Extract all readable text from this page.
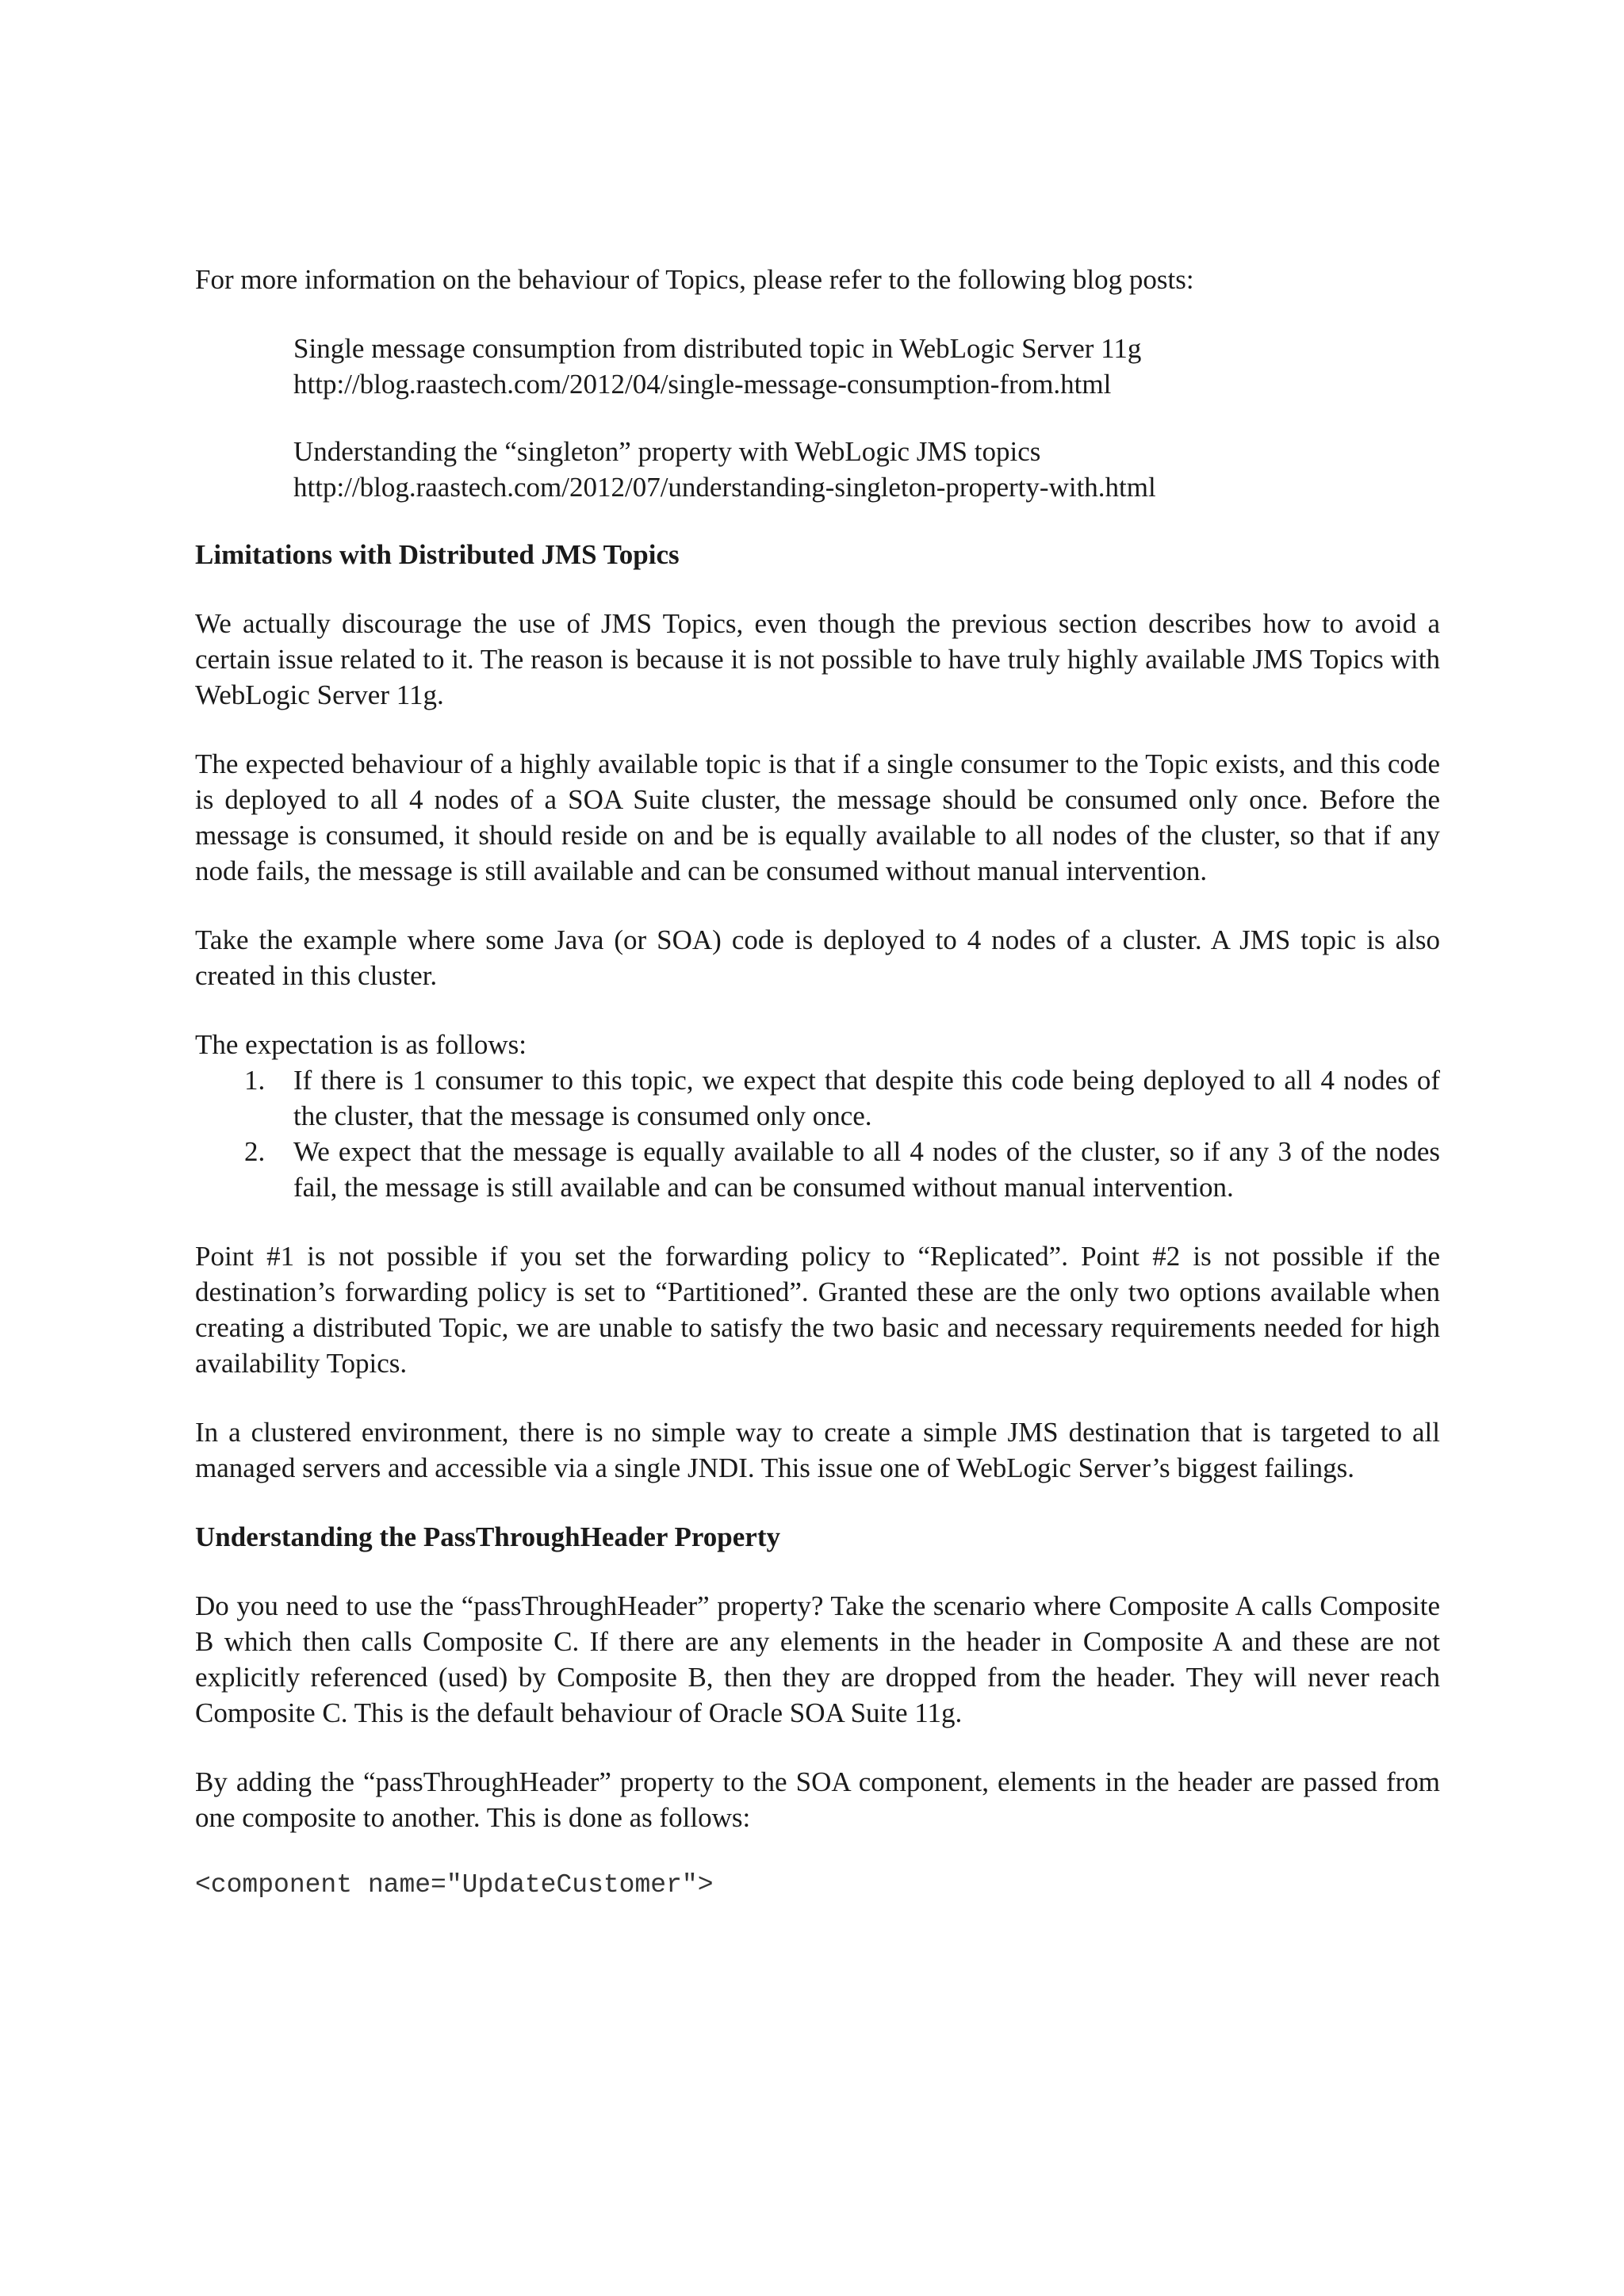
For more information on the behaviour of Topics, please refer to the following blog posts:

Single message consumption from distributed topic in WebLogic Server 11g
http://blog.raastech.com/2012/04/single-message-consumption-from.html
Understanding the “singleton” property with WebLogic JMS topics
http://blog.raastech.com/2012/07/understanding-singleton-property-with.html
Limitations with Distributed JMS Topics

We actually discourage the use of JMS Topics, even though the previous section describes how to avoid a certain issue related to it. The reason is because it is not possible to have truly highly available JMS Topics with WebLogic Server 11g.

The expected behaviour of a highly available topic is that if a single consumer to the Topic exists, and this code is deployed to all 4 nodes of a SOA Suite cluster, the message should be consumed only once. Before the message is consumed, it should reside on and be is equally available to all nodes of the cluster, so that if any node fails, the message is still available and can be consumed without manual intervention.

Take the example where some Java (or SOA) code is deployed to 4 nodes of a cluster. A JMS topic is also created in this cluster.

The expectation is as follows:

1. If there is 1 consumer to this topic, we expect that despite this code being deployed to all 4 nodes of the cluster, that the message is consumed only once.
2. We expect that the message is equally available to all 4 nodes of the cluster, so if any 3 of the nodes fail, the message is still available and can be consumed without manual intervention.

Point #1 is not possible if you set the forwarding policy to “Replicated”. Point #2 is not possible if the destination’s forwarding policy is set to “Partitioned”. Granted these are the only two options available when creating a distributed Topic, we are unable to satisfy the two basic and necessary requirements needed for high availability Topics.

In a clustered environment, there is no simple way to create a simple JMS destination that is targeted to all managed servers and accessible via a single JNDI. This issue one of WebLogic Server’s biggest failings.

Understanding the PassThroughHeader Property

Do you need to use the “passThroughHeader” property? Take the scenario where Composite A calls Composite B which then calls Composite C. If there are any elements in the header in Composite A and these are not explicitly referenced (used) by Composite B, then they are dropped from the header. They will never reach Composite C. This is the default behaviour of Oracle SOA Suite 11g.

By adding the “passThroughHeader” property to the SOA component, elements in the header are passed from one composite to another. This is done as follows:

<component name="UpdateCustomer">
